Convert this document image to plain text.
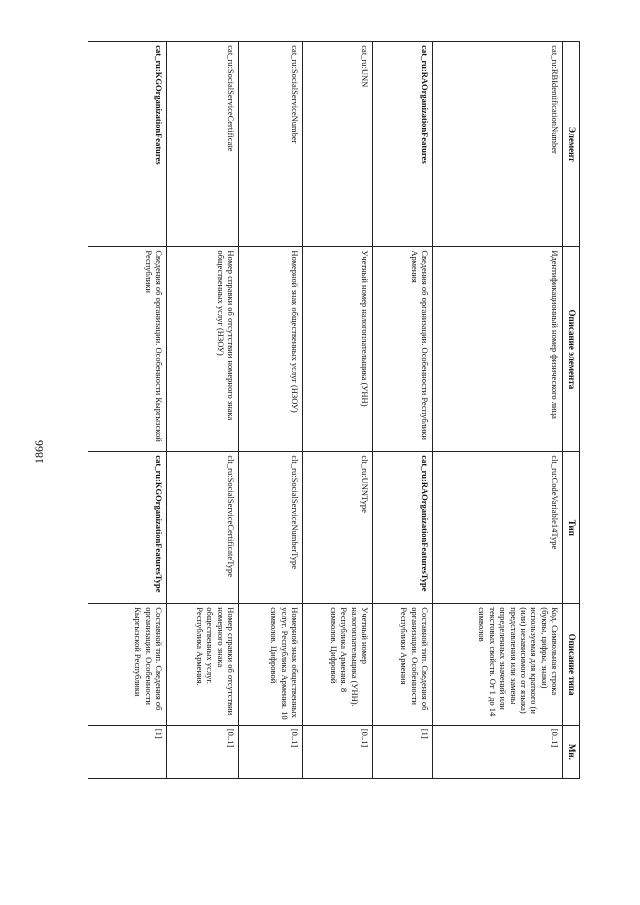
1866
	Элемент	Описание элемента	Тип	Описание типа	Мн.
	cat_ru:RBIdentificationNumber	Идентификационный номер физического лица	clt_ru:CodeVariable14Type	Код. Символьная строка (буквы, цифры, знаки) используемая для краткого (и (или) независимого от языка) представления или замены определенных значений или текстовых свойств. От 1 до 14 символов	[0..1]
	cat_ru:RAOrganizationFeatures	Сведения об организации. Особенности Республики Армения	cat_ru:RAOrganizationFeaturesType	Составной тип. Сведения об организации. Особенности Республики Армения	[1]
	cat_ru:UNN	Учетный номер налогоплательщика (УНН)	clt_ru:UNNType	Учетный номер налогоплательщика (УНН). Республика Армения. 8 символов. Цифровой	[0..1]
	cat_ru:SocialServiceNumber	Номерной знак общественных услуг (НЗОУ)	clt_ru:SocialServiceNumberType	Номерной знак общественных услуг. Республика Армения. 10 символов. Цифровой	[0..1]
	cat_ru:SocialServiceCertificate	Номер справки об отсутствии номерного знака общественных услуг (НЗОУ)	clt_ru:SocialServiceCertificateType	Номер справки об отсутствии номерного знака общественных услуг. Республика Армения.	[0..1]
	cat_ru:KGOrganizationFeatures	Сведения об организации. Особенности Кыргызской Республики	cat_ru:KGOrganizationFeaturesType	Составной тип. Сведения об организации. Особенности Кыргызской Республики	[1]
